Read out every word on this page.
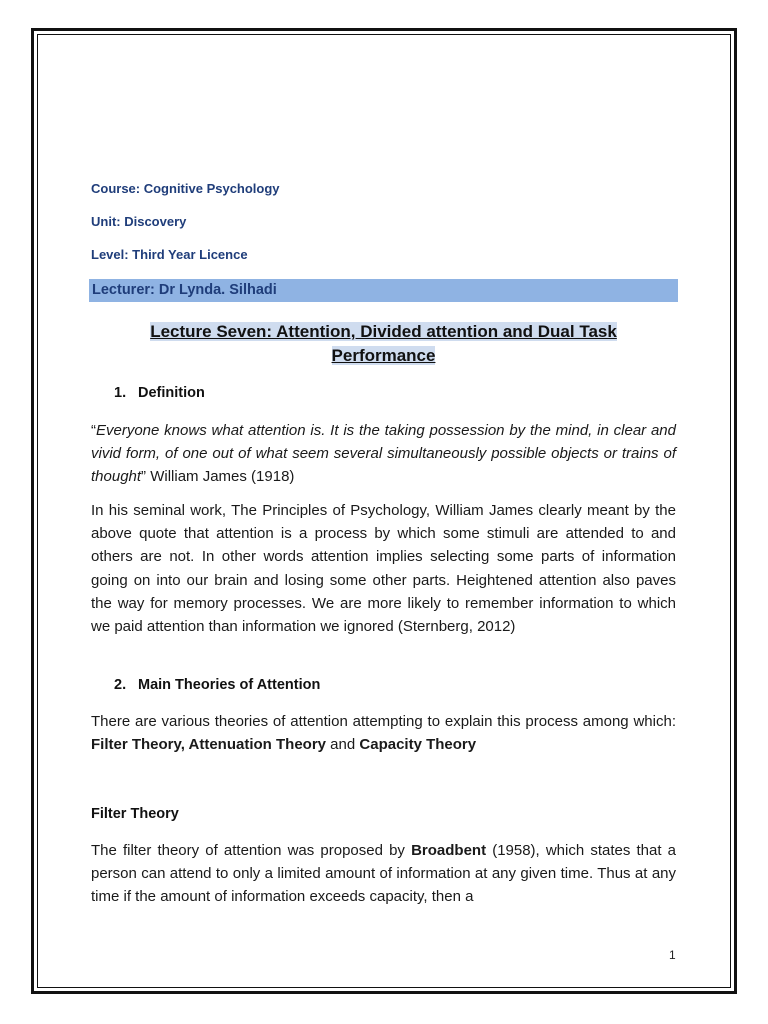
Course: Cognitive Psychology
Unit: Discovery
Level: Third Year Licence
Lecturer: Dr Lynda. Silhadi
Lecture Seven: Attention, Divided attention and Dual Task
Performance
1. Definition
“Everyone knows what attention is. It is the taking possession by the mind, in clear and vivid form, of one out of what seem several simultaneously possible objects or trains of thought” William James (1918)
In his seminal work, The Principles of Psychology, William James clearly meant by the above quote that attention is a process by which some stimuli are attended to and others are not. In other words attention implies selecting some parts of information going on into our brain and losing some other parts. Heightened attention also paves the way for memory processes. We are more likely to remember information to which we paid attention than information we ignored (Sternberg, 2012)
2. Main Theories of Attention
There are various theories of attention attempting to explain this process among which: Filter Theory, Attenuation Theory and Capacity Theory
Filter Theory
The filter theory of attention was proposed by Broadbent (1958), which states that a person can attend to only a limited amount of information at any given time. Thus at any time if the amount of information exceeds capacity, then a
1
